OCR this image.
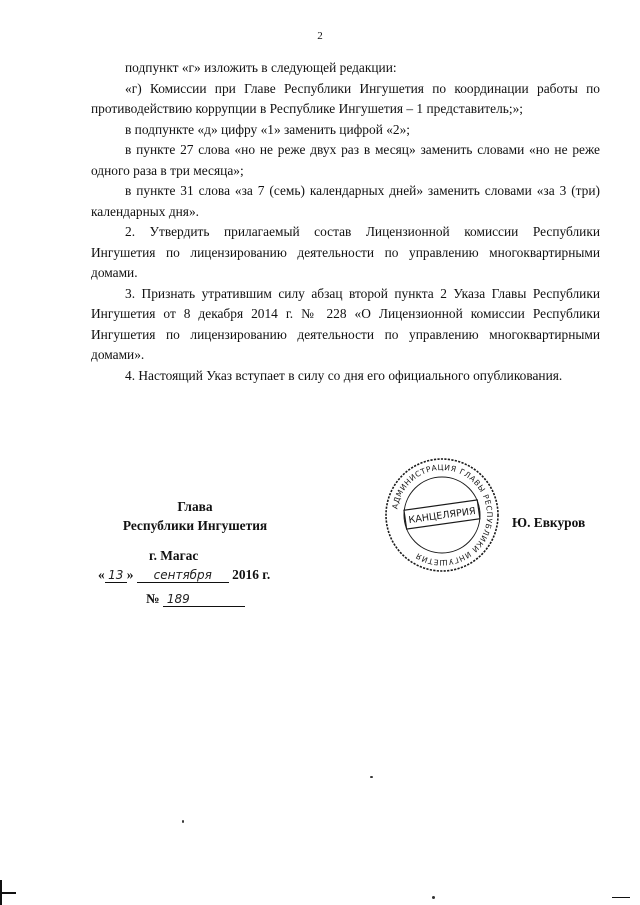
2

подпункт «г» изложить в следующей редакции:

«г) Комиссии при Главе Республики Ингушетия по координации работы по противодействию коррупции в Республике Ингушетия – 1 представитель;»;

в подпункте «д» цифру «1» заменить цифрой «2»;

в пункте 27 слова «но не реже двух раз в месяц» заменить словами «но не реже одного раза в три месяца»;

в пункте 31 слова «за 7 (семь) календарных дней» заменить словами «за 3 (три) календарных дня».

2. Утвердить прилагаемый состав Лицензионной комиссии Республики Ингушетия по лицензированию деятельности по управлению многоквартирными домами.

3. Признать утратившим силу абзац второй пункта 2 Указа Главы Республики Ингушетия от 8 декабря 2014 г. № 228 «О Лицензионной комиссии Республики Ингушетия по лицензированию деятельности по управлению многоквартирными домами».

4. Настоящий Указ вступает в силу со дня его официального опубликования.

Глава
Республики Ингушетия
г. Магас
« 13 » сентября 2016 г.
№ 189
АДМИНИСТРАЦИЯ ГЛАВЫ РЕСПУБЛИКИ ИНГУШЕТИЯ
КАНЦЕЛЯРИЯ	Ю. Евкуров
